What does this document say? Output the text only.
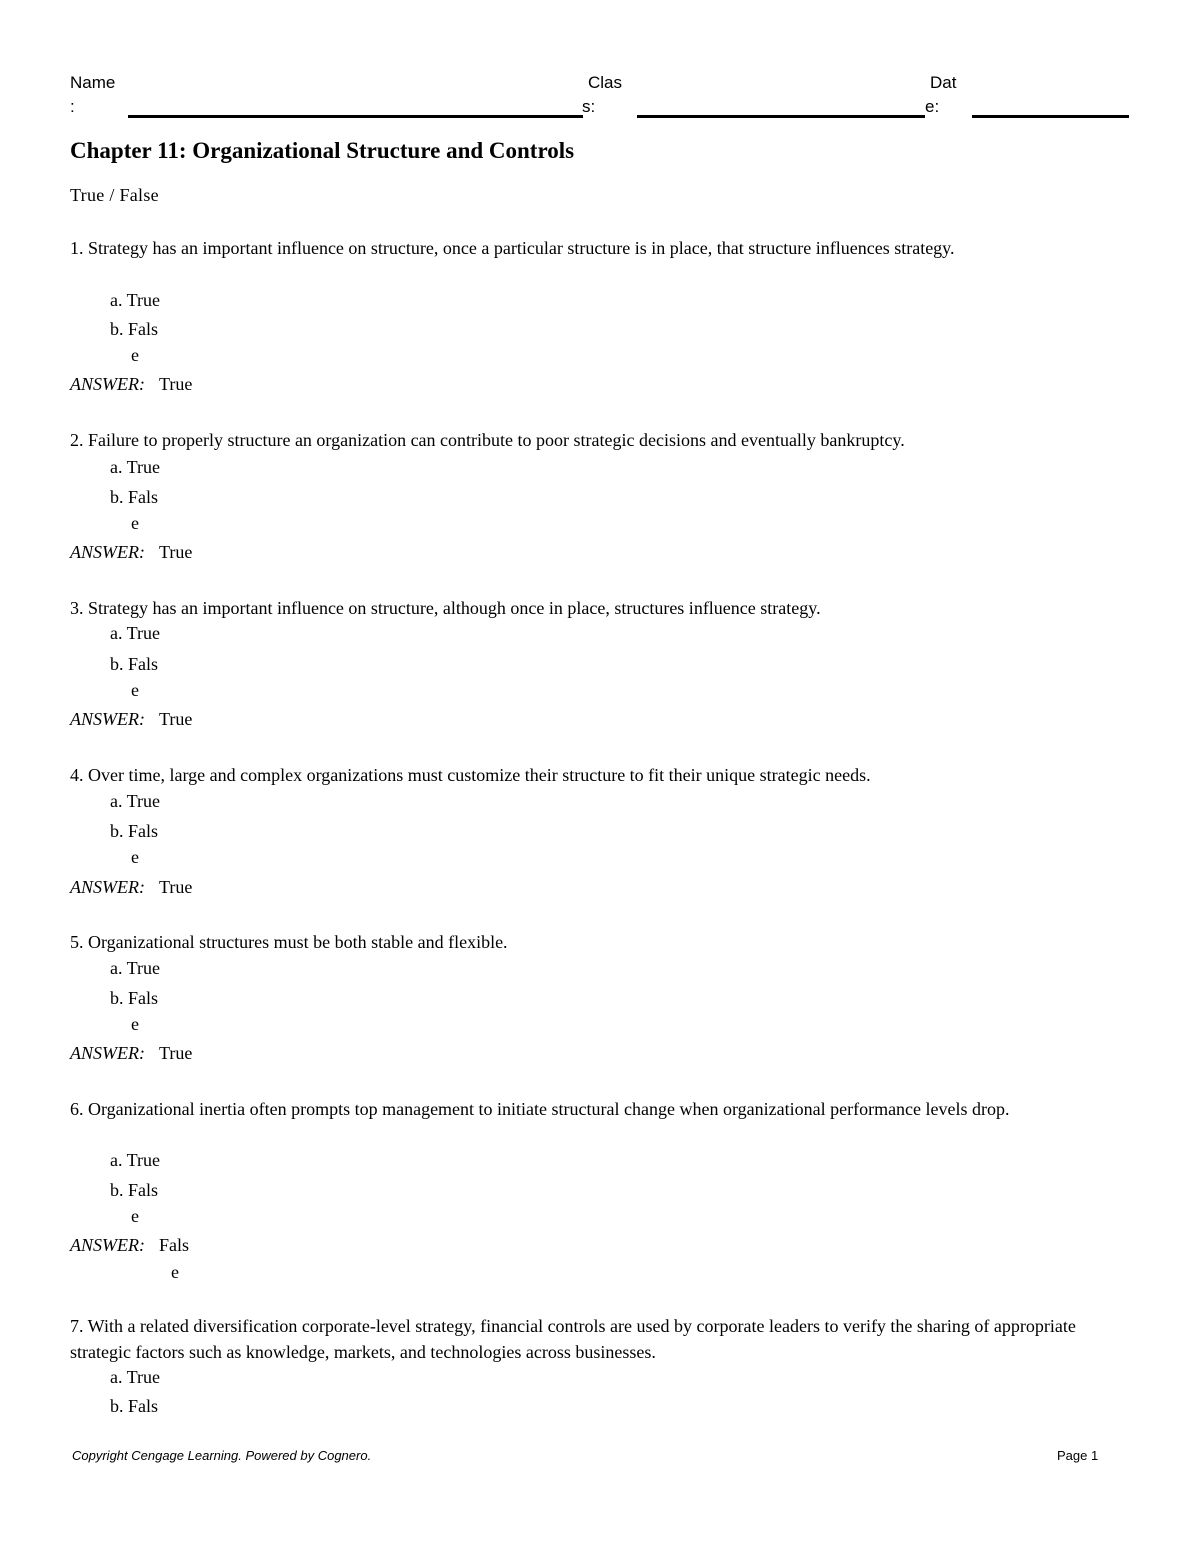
Name
:
Clas
s:
Dat
e:
Chapter 11: Organizational Structure and Controls
True / False
1. Strategy has an important influence on structure, once a particular structure is in place, that structure influences strategy.
a. True
b. Fals
e
ANSWER: True
2. Failure to properly structure an organization can contribute to poor strategic decisions and eventually bankruptcy.
a. True
b. Fals
e
ANSWER: True
3. Strategy has an important influence on structure, although once in place, structures influence strategy.
a. True
b. Fals
e
ANSWER: True
4. Over time, large and complex organizations must customize their structure to fit their unique strategic needs.
a. True
b. Fals
e
ANSWER: True
5. Organizational structures must be both stable and flexible.
a. True
b. Fals
e
ANSWER: True
6. Organizational inertia often prompts top management to initiate structural change when organizational performance levels drop.
a. True
b. Fals
e
ANSWER: Fals
e
7. With a related diversification corporate-level strategy, financial controls are used by corporate leaders to verify the sharing of appropriate strategic factors such as knowledge, markets, and technologies across businesses.
a. True
b. Fals
Copyright Cengage Learning. Powered by Cognero.	Page 1
